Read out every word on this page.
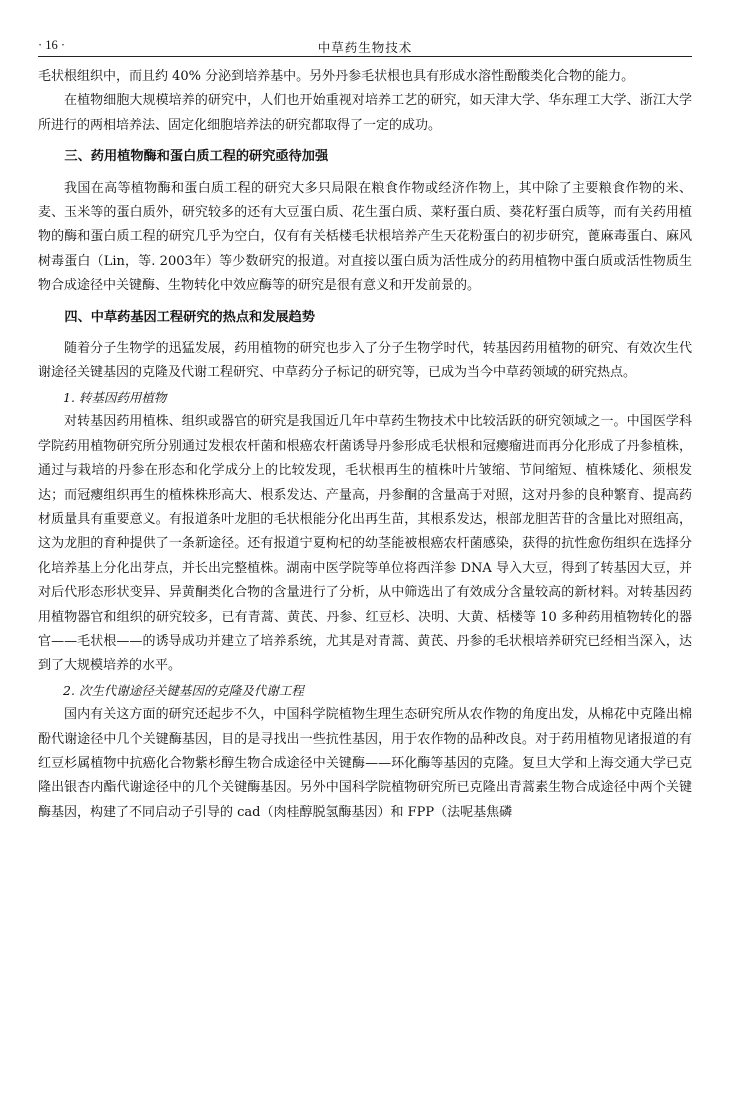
· 16 ·	中草药生物技术

毛状根组织中，而且约 40% 分泌到培养基中。另外丹参毛状根也具有形成水溶性酚酸类化合物的能力。

在植物细胞大规模培养的研究中，人们也开始重视对培养工艺的研究，如天津大学、华东理工大学、浙江大学所进行的两相培养法、固定化细胞培养法的研究都取得了一定的成功。

三、药用植物酶和蛋白质工程的研究亟待加强

我国在高等植物酶和蛋白质工程的研究大多只局限在粮食作物或经济作物上，其中除了主要粮食作物的米、麦、玉米等的蛋白质外，研究较多的还有大豆蛋白质、花生蛋白质、菜籽蛋白质、葵花籽蛋白质等，而有关药用植物的酶和蛋白质工程的研究几乎为空白，仅有有关栝楼毛状根培养产生天花粉蛋白的初步研究，蓖麻毒蛋白、麻风树毒蛋白（Lin，等. 2003年）等少数研究的报道。对直接以蛋白质为活性成分的药用植物中蛋白质或活性物质生物合成途径中关键酶、生物转化中效应酶等的研究是很有意义和开发前景的。

四、中草药基因工程研究的热点和发展趋势

随着分子生物学的迅猛发展，药用植物的研究也步入了分子生物学时代，转基因药用植物的研究、有效次生代谢途径关键基因的克隆及代谢工程研究、中草药分子标记的研究等，已成为当今中草药领域的研究热点。

1. 转基因药用植物

对转基因药用植株、组织或器官的研究是我国近几年中草药生物技术中比较活跃的研究领域之一。中国医学科学院药用植物研究所分别通过发根农杆菌和根癌农杆菌诱导丹参形成毛状根和冠瘿瘤进而再分化形成了丹参植株，通过与栽培的丹参在形态和化学成分上的比较发现，毛状根再生的植株叶片皱缩、节间缩短、植株矮化、须根发达；而冠瘿组织再生的植株株形高大、根系发达、产量高，丹参酮的含量高于对照，这对丹参的良种繁育、提高药材质量具有重要意义。有报道条叶龙胆的毛状根能分化出再生苗，其根系发达，根部龙胆苦苷的含量比对照组高，这为龙胆的育种提供了一条新途径。还有报道宁夏枸杞的幼茎能被根癌农杆菌感染，获得的抗性愈伤组织在选择分化培养基上分化出芽点，并长出完整植株。湖南中医学院等单位将西洋参 DNA 导入大豆，得到了转基因大豆，并对后代形态形状变异、异黄酮类化合物的含量进行了分析，从中筛选出了有效成分含量较高的新材料。对转基因药用植物器官和组织的研究较多，已有青蒿、黄芪、丹参、红豆杉、决明、大黄、栝楼等 10 多种药用植物转化的器官——毛状根——的诱导成功并建立了培养系统，尤其是对青蒿、黄芪、丹参的毛状根培养研究已经相当深入，达到了大规模培养的水平。

2. 次生代谢途径关键基因的克隆及代谢工程

国内有关这方面的研究还起步不久，中国科学院植物生理生态研究所从农作物的角度出发，从棉花中克隆出棉酚代谢途径中几个关键酶基因，目的是寻找出一些抗性基因，用于农作物的品种改良。对于药用植物见诸报道的有红豆杉属植物中抗癌化合物紫杉醇生物合成途径中关键酶——环化酶等基因的克隆。复旦大学和上海交通大学已克隆出银杏内酯代谢途径中的几个关键酶基因。另外中国科学院植物研究所已克隆出青蒿素生物合成途径中两个关键酶基因，构建了不同启动子引导的 cad（肉桂醇脱氢酶基因）和 FPP（法呢基焦磷
